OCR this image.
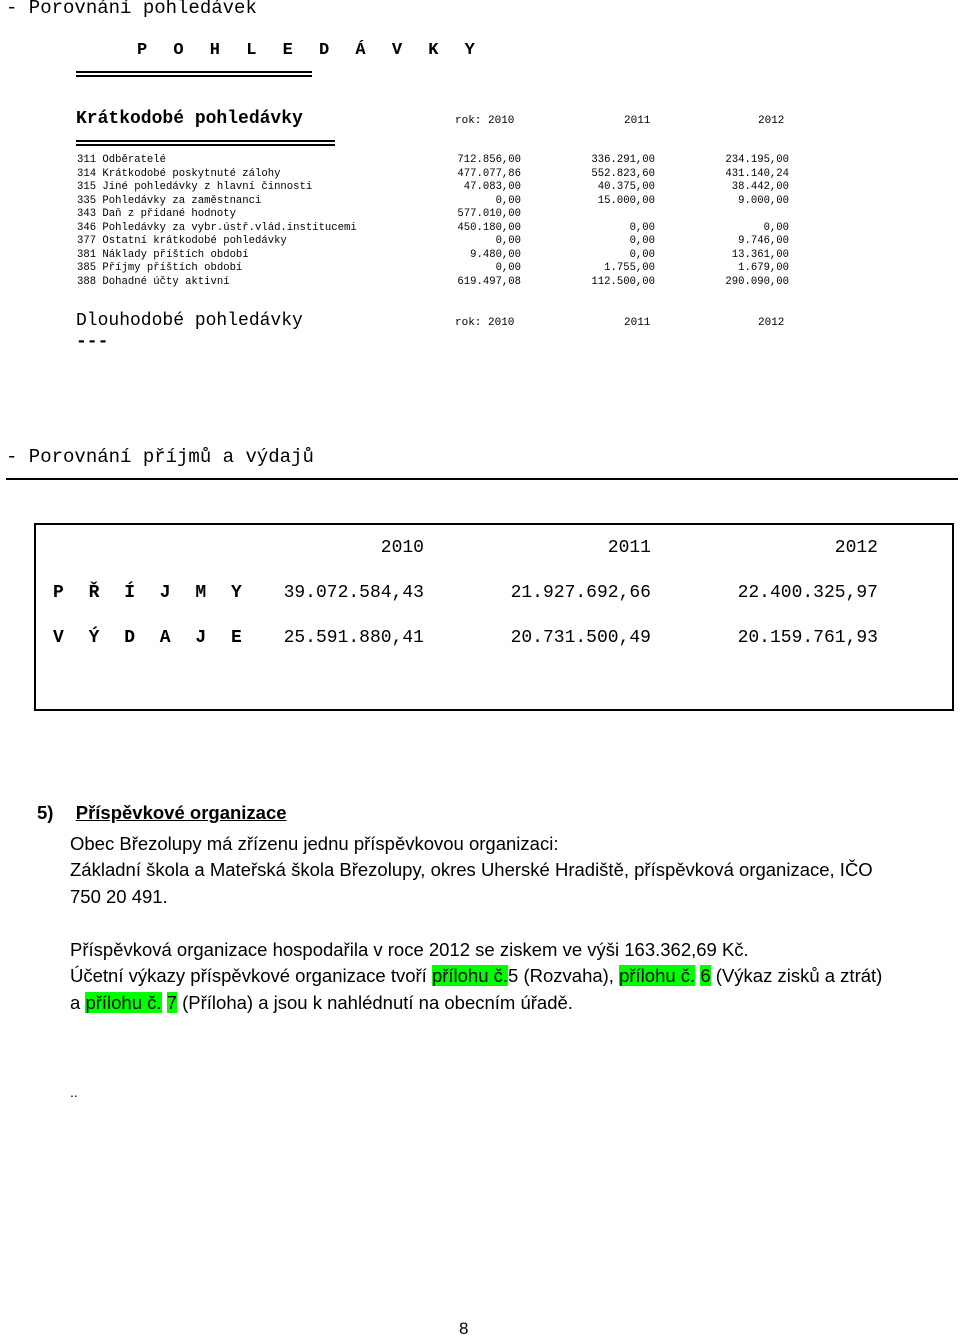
- Porovnání pohledávek
P O H L E D Á V K Y
Krátkodobé pohledávky	rok: 2010	2011	2012
311 Odběratelé	712.856,00	336.291,00	234.195,00
314 Krátkodobé poskytnuté zálohy	477.077,86	552.823,60	431.140,24
315 Jiné pohledávky z hlavní činnosti	47.083,00	40.375,00	38.442,00
335 Pohledávky za zaměstnanci	0,00	15.000,00	9.000,00
343 Daň z přidané hodnoty	577.010,00
346 Pohledávky za vybr.ústř.vlád.institucemi	450.180,00	0,00	0,00
377 Ostatní krátkodobé pohledávky	0,00	0,00	9.746,00
381 Náklady příštích období	9.480,00	0,00	13.361,00
385 Příjmy příštích období	0,00	1.755,00	1.679,00
388 Dohadné účty aktivní	619.497,08	112.500,00	290.090,00
Dlouhodobé pohledávky	rok: 2010	2011	2012
---
- Porovnání příjmů a výdajů
2010	2011	2012
P Ř Í J M Y	39.072.584,43	21.927.692,66	22.400.325,97
V Ý D A J E	25.591.880,41	20.731.500,49	20.159.761,93
5) Příspěvkové organizace
Obec Březolupy má zřízenu jednu příspěvkovou organizaci:
Základní škola a Mateřská škola Březolupy, okres Uherské Hradiště, příspěvková organizace, IČO
750 20 491.
Příspěvková organizace hospodařila v roce 2012 se ziskem ve výši 163.362,69 Kč.
Účetní výkazy příspěvkové organizace tvoří přílohu č.5 (Rozvaha), přílohu č. 6 (Výkaz zisků a ztrát)
a přílohu č. 7 (Příloha) a jsou k nahlédnutí na obecním úřadě.
..
8
